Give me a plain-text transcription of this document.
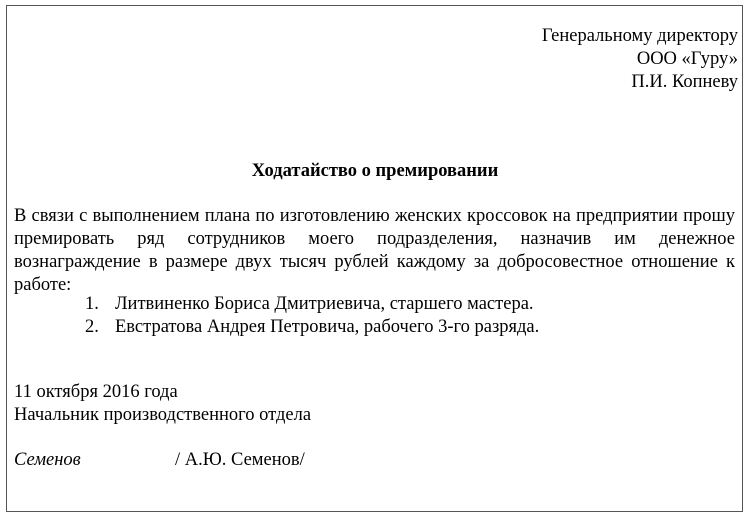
Генеральному директору
ООО «Гуру»
П.И. Копневу
Ходатайство о премировании
В связи с выполнением плана по изготовлению женских кроссовок на предприятии прошу премировать ряд сотрудников моего подразделения, назначив им денежное вознаграждение в размере двух тысяч рублей каждому за добросовестное отношение к работе:
1. Литвиненко Бориса Дмитриевича, старшего мастера.
2. Евстратова Андрея Петровича, рабочего 3-го разряда.
11 октября 2016 года
Начальник производственного отдела
Семенов	/ А.Ю. Семенов/
